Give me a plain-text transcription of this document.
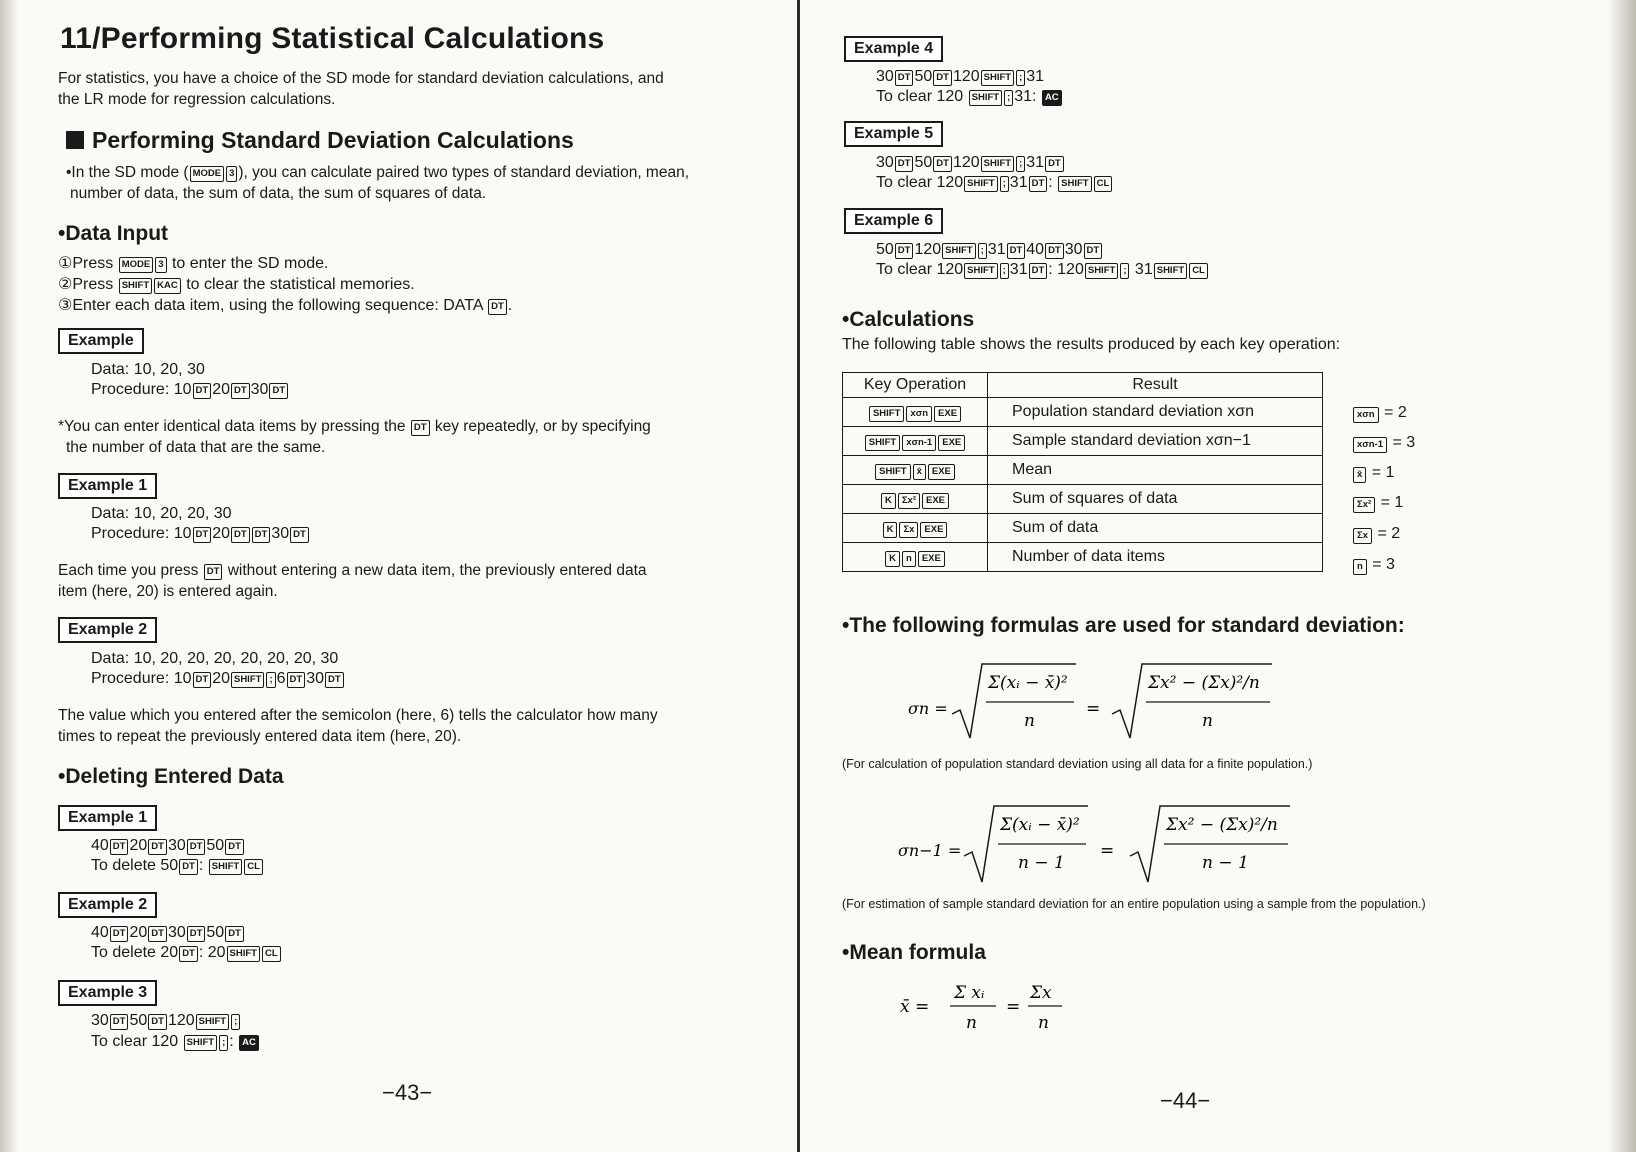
11/Performing Statistical Calculations
For statistics, you have a choice of the SD mode for standard deviation calculations, and
the LR mode for regression calculations.
Performing Standard Deviation Calculations
•In the SD mode ( MODE 3 ), you can calculate paired two types of standard deviation, mean,
number of data, the sum of data, the sum of squares of data.
•Data Input
①Press MODE 3 to enter the SD mode.
②Press SHIFT KAC to clear the statistical memories.
③Enter each data item, using the following sequence: DATA DT .
Example
Data: 10, 20, 30
Procedure: 10 DT 20 DT 30 DT
*You can enter identical data items by pressing the DT key repeatedly, or by specifying
the number of data that are the same.
Example 1
Data: 10, 20, 20, 30
Procedure: 10 DT 20 DT DT 30 DT
Each time you press DT without entering a new data item, the previously entered data
item (here, 20) is entered again.
Example 2
Data: 10, 20, 20, 20, 20, 20, 20, 30
Procedure: 10 DT 20 SHIFT ; 6 DT 30 DT
The value which you entered after the semicolon (here, 6) tells the calculator how many
times to repeat the previously entered data item (here, 20).
•Deleting Entered Data
Example 1
40 DT 20 DT 30 DT 50 DT
To delete 50 DT : SHIFT CL
Example 2
40 DT 20 DT 30 DT 50 DT
To delete 20 DT : 20 SHIFT CL
Example 3
30 DT 50 DT 120 SHIFT ;
To clear 120 SHIFT ; : AC
−43−
Example 4
30 DT 50 DT 120 SHIFT ; 31
To clear 120 SHIFT ; 31: AC
Example 5
30 DT 50 DT 120 SHIFT ; 31 DT
To clear 120 SHIFT ; 31 DT : SHIFT CL
Example 6
50 DT 120 SHIFT ; 31 DT 40 DT 30 DT
To clear 120 SHIFT ; 31 DT : 120 SHIFT ; 31 SHIFT CL
•Calculations
The following table shows the results produced by each key operation:
Key Operation	Result
SHIFT xσn EXE	Population standard deviation xσn
SHIFT xσn-1 EXE	Sample standard deviation xσn−1
SHIFT x̄ EXE	Mean
K Σx² EXE	Sum of squares of data
K Σx EXE	Sum of data
K n EXE	Number of data items
xσn = 2
xσn-1 = 3
x̄ = 1
Σx² = 1
Σx = 2
n = 3
•The following formulas are used for standard deviation:
σn =
Σ(xᵢ − x̄)²
n
=
Σx² − (Σx)²/n
n
(For calculation of population standard deviation using all data for a finite population.)
σn−1 =
Σ(xᵢ − x̄)²
n − 1
=
Σx² − (Σx)²/n
n − 1
(For estimation of sample standard deviation for an entire population using a sample from the population.)
•Mean formula
x̄ =
Σ xᵢ
n
=
Σx
n
−44−
